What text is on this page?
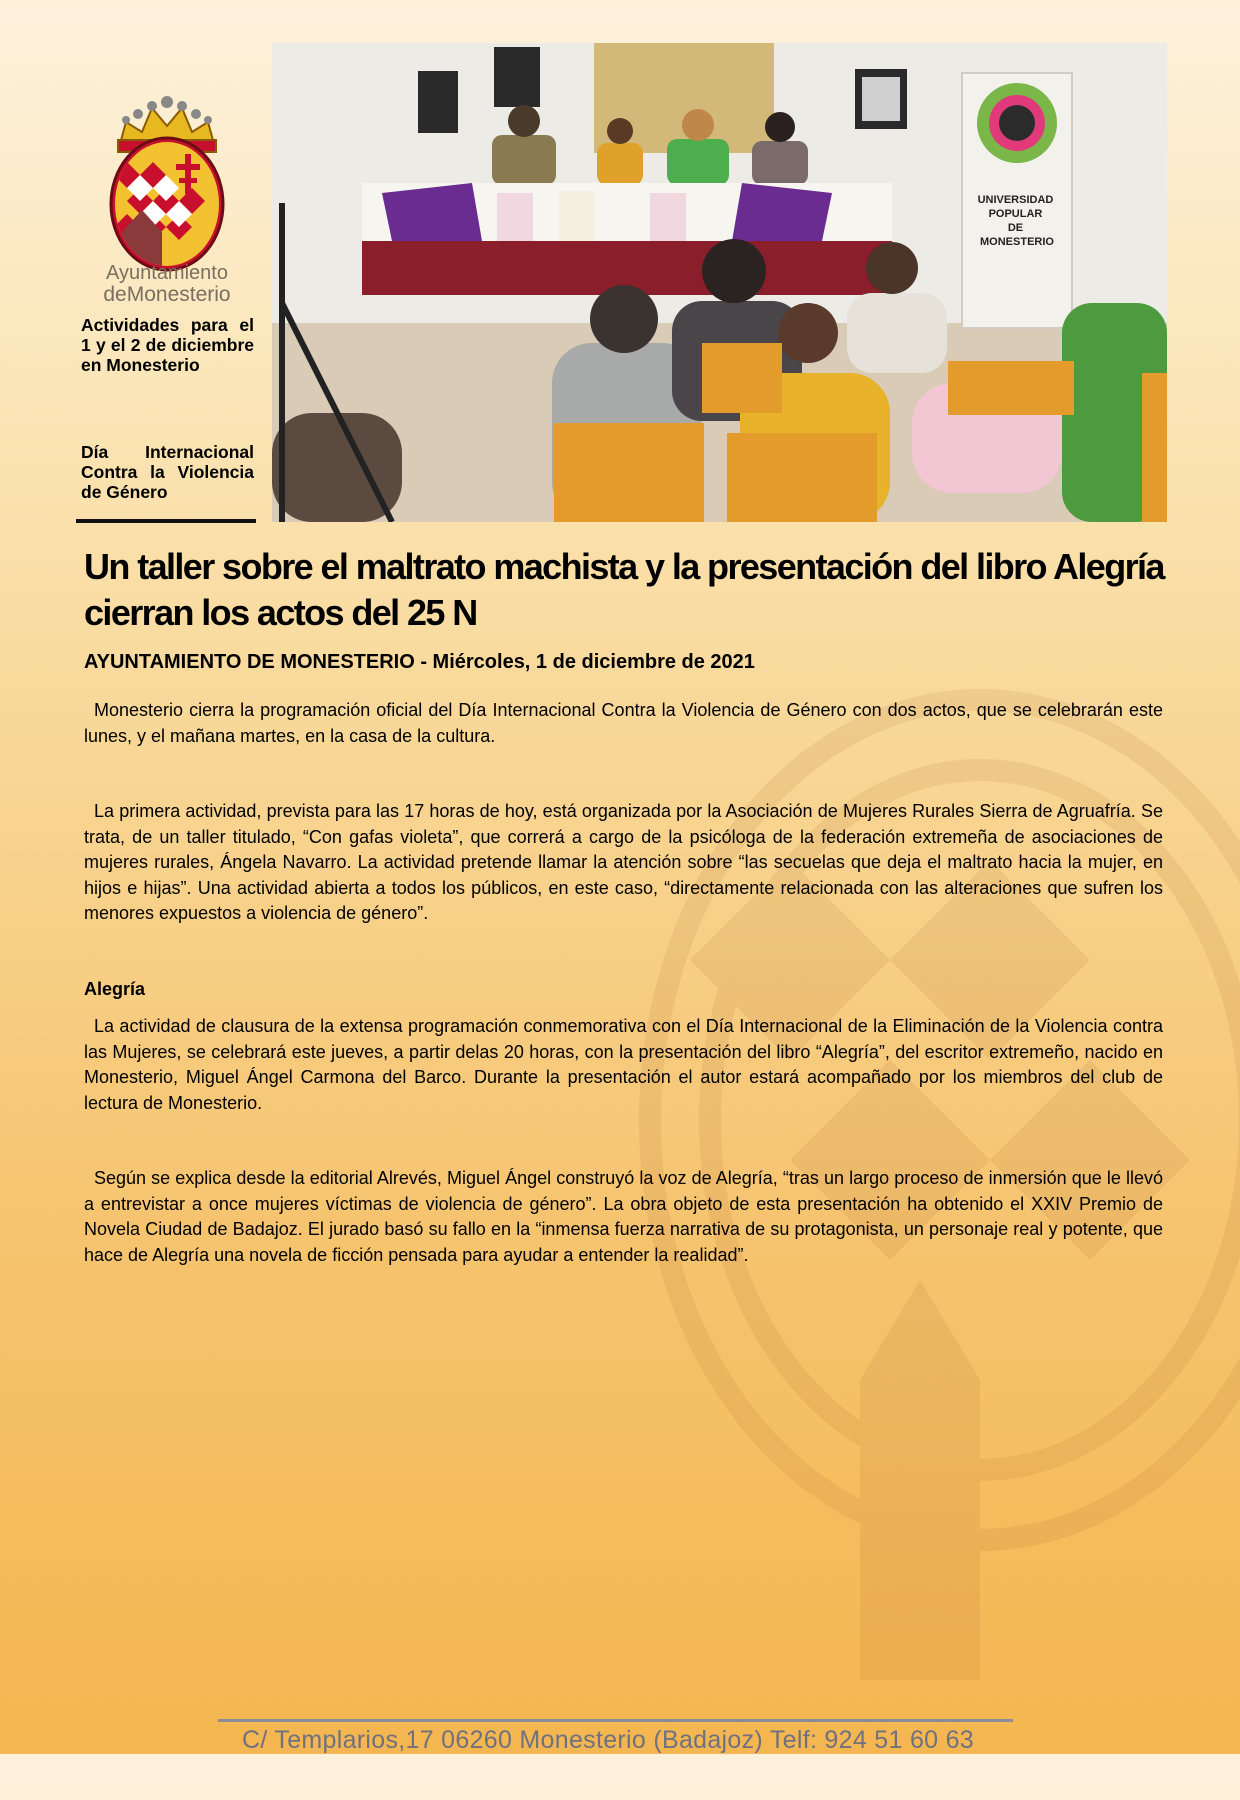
Ayuntamiento
deMonesterio
Actividades para el 1 y el 2 de diciembre en Monesterio
Día Internacional Contra la Violencia de Género
UNIVERSIDAD POPULAR DE MONESTERIO
Un taller sobre el maltrato machista y la presentación del libro Alegría cierran los actos del 25 N
AYUNTAMIENTO DE MONESTERIO - Miércoles, 1 de diciembre de 2021

Monesterio cierra la programación oficial del Día Internacional Contra la Violencia de Género con dos actos, que se celebrarán este lunes, y el mañana martes, en la casa de la cultura.

La primera actividad, prevista para las 17 horas de hoy, está organizada por la Asociación de Mujeres Rurales Sierra de Agruafría. Se trata, de un taller titulado, “Con gafas violeta”, que correrá a cargo de la psicóloga de la federación extremeña de asociaciones de mujeres rurales, Ángela Navarro. La actividad pretende llamar la atención sobre “las secuelas que deja el maltrato hacia la mujer, en hijos e hijas”. Una actividad abierta a todos los públicos, en este caso, “directamente relacionada con las alteraciones que sufren los menores expuestos a violencia de género”.

Alegría

La actividad de clausura de la extensa programación conmemorativa con el Día Internacional de la Eliminación de la Violencia contra las Mujeres, se celebrará este jueves, a partir delas 20 horas, con la presentación del libro “Alegría”, del escritor extremeño, nacido en Monesterio, Miguel Ángel Carmona del Barco. Durante la presentación el autor estará acompañado por los miembros del club de lectura de Monesterio.

Según se explica desde la editorial Alrevés, Miguel Ángel construyó la voz de Alegría, “tras un largo proceso de inmersión que le llevó a entrevistar a once mujeres víctimas de violencia de género”. La obra objeto de esta presentación ha obtenido el XXIV Premio de Novela Ciudad de Badajoz. El jurado basó su fallo en la “inmensa fuerza narrativa de su protagonista, un personaje real y potente, que hace de Alegría una novela de ficción pensada para ayudar a entender la realidad”.

C/ Templarios,17 06260 Monesterio (Badajoz) Telf: 924 51 60 63
